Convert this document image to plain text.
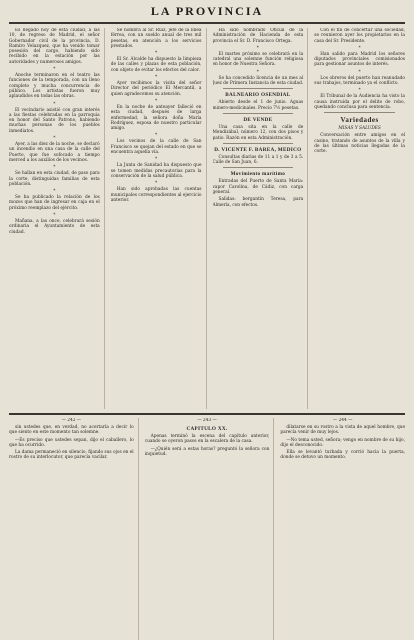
LA PROVINCIA

Es llegado hoy de esta ciudad, a las 10, de regreso de Madrid, el señor Gobernador civil de la provincia, D. Ramiro Velazquez, que ha venido tomar posesión del cargo, habiendo sido recibido en la estación por las autoridades y numerosos amigos.

*

Anoche terminaron en el teatro las funciones de la temporada, con un lleno completo y mucha concurrencia de público. Los artistas fueron muy aplaudidos en todas las obras.

*

El vecindario asistió con gran interés a las fiestas celebradas en la parroquia en honor del Santo Patrono, habiendo muchas personas de los pueblos inmediatos.

*

Ayer, a las diez de la noche, se declaró un incendio en una casa de la calle del Puerto, que fue sofocado a tiempo merced a los auxilios de los vecinos.

*

Se hallan en esta ciudad, de paso para la corte, distinguidas familias de esta población.

*

Se ha publicado la relación de los mozos que han de ingresar en caja en el próximo reemplazo del ejército.

*

Mañana, a las once, celebrará sesión ordinaria el Ayuntamiento de esta ciudad.

Se nombra al Sr. Ruiz, jefe de la línea férrea, con un sueldo anual de tres mil pesetas, en atención a los servicios prestados.

*

El Sr. Alcalde ha dispuesto la limpieza de las calles y plazas de esta población, con objeto de evitar los efectos del calor.

*

Ayer recibimos la visita del señor Director del periódico El Mercantil, a quien agradecemos su atención.

*

En la noche de anteayer falleció en esta ciudad, después de larga enfermedad, la señora doña María Rodríguez, esposa de nuestro particular amigo.

*

Los vecinos de la calle de San Francisco se quejan del estado en que se encuentra aquella vía.

*

La Junta de Sanidad ha dispuesto que se tomen medidas precautorias para la conservación de la salud pública.

*

Han sido aprobadas las cuentas municipales correspondientes al ejercicio anterior.

Ha sido nombrado Oficial de la Administración de Hacienda de esta provincia el Sr. D. Francisco Ortega.

*

El martes próximo se celebrará en la catedral una solemne función religiosa en honor de Nuestra Señora.

*

Se ha concedido licencia de un mes al Juez de Primera Instancia de esta ciudad.

BALNEARIO OSENDIAL

Abierto desde el 1 de junio. Aguas minero-medicinales. Precio 7½ pesetas.

DE VENDE

Una casa sita en la calle de Mendizábal, número 12, con dos pisos y patio. Razón en esta Administración.

D. VICENTE F. BAREA, MEDICO

Consultas diarias de 11 a 1 y de 3 a 5. Calle de San Juan, 6.

Movimiento marítimo

Entradas del Puerto de Santa María: vapor Carolina, de Cádiz, con carga general.

Salidas: bergantín Teresa, para Almería, con efectos.

Con el fin de concertar una sociedad, se reunieron ayer los propietarios en la casa del Sr. Presidente.

*

Han salido para Madrid los señores diputados provinciales comisionados para gestionar asuntos de interés.

*

Los obreros del puerto han reanudado sus trabajos, terminado ya el conflicto.

*

El Tribunal de la Audiencia ha visto la causa instruida por el delito de robo, quedando conclusa para sentencia.

Variedades
MISAS Y SALUDES

Conversación entre amigos en el casino, tratando de asuntos de la villa y de las últimas noticias llegadas de la corte.

— 242 —

sin ustedes que, en verdad, no acertaría a decir lo que siento en este momento tan solemne.

—Es preciso que ustedes sepan, dijo el caballero, lo que ha ocurrido.

La dama permaneció en silencio, fijando sus ojos en el rostro de su interlocutor, que parecía vacilar.

— 243 —

CAPITULO XX.

Apenas terminó la escena del capítulo anterior, cuando se oyeron pasos en la escalera de la casa.

—¿Quién será a estas horas? preguntó la señora con inquietud.

— 244 —

dilatarse en su rostro a la vista de aquel hombre, que parecía venir de muy lejos.

—No tema usted, señora; vengo en nombre de su hijo, dijo el desconocido.

Ella se levantó turbada y corrió hacia la puerta, donde se detuvo un momento.
